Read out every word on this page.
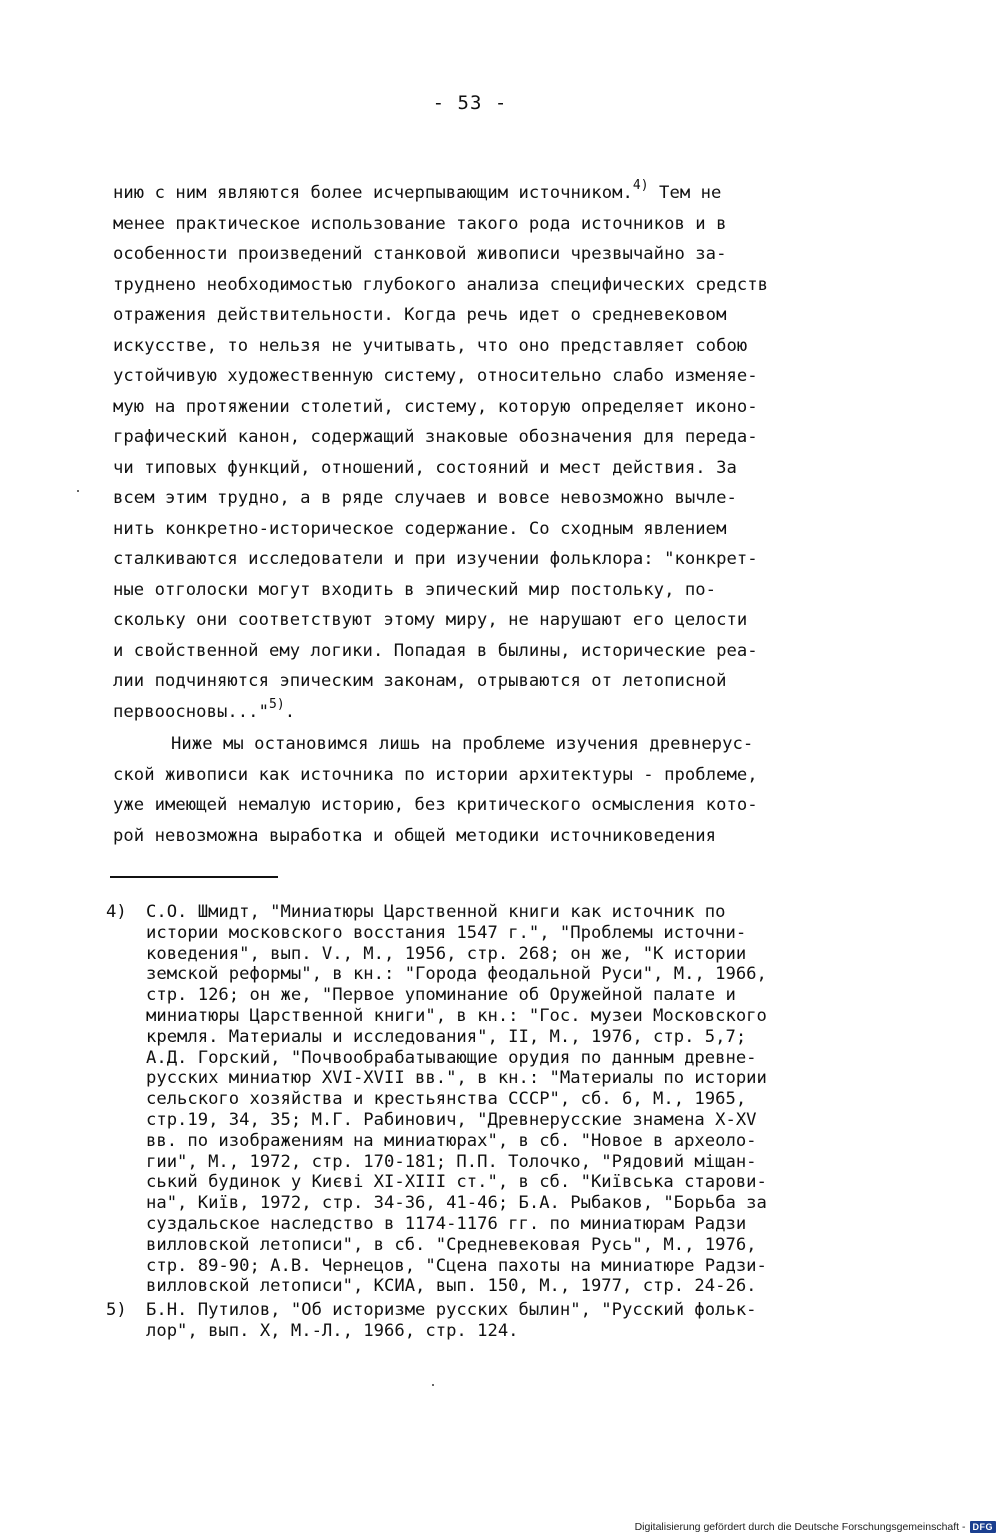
- 53 -
нию с ним являются более исчерпывающим источником.$^{4)}$ Тем не
менее практическое использование такого рода источников и в
особенности произведений станковой живописи чрезвычайно за-
труднено необходимостью глубокого анализа специфических средств
отражения действительности. Когда речь идет о средневековом
искусстве, то нельзя не учитывать, что оно представляет собою
устойчивую художественную систему, относительно слабо изменяе-
мую на протяжении столетий, систему, которую определяет иконо-
графический канон, содержащий знаковые обозначения для переда-
чи типовых функций, отношений, состояний и мест действия. За
всем этим трудно, а в ряде случаев и вовсе невозможно вычле-
нить конкретно-историческое содержание. Со сходным явлением
сталкиваются исследователи и при изучении фольклора: "конкрет-
ные отголоски могут входить в эпический мир постольку, по-
скольку они соответствуют этому миру, не нарушают его целости
и свойственной ему логики. Попадая в былины, исторические реа-
лии подчиняются эпическим законам, отрываются от летописной
первоосновы..."$^{5)}$.
Ниже мы остановимся лишь на проблеме изучения древнерус-
ской живописи как источника по истории архитектуры - проблеме,
уже имеющей немалую историю, без критического осмысления кото-
рой невозможна выработка и общей методики источниковедения
4)	С.О. Шмидт, "Миниатюры Царственной книги как источник по
истории московского восстания 1547 г.", "Проблемы источни-
коведения", вып. V., М., 1956, стр. 268; он же, "К истории
земской реформы", в кн.: "Города феодальной Руси", М., 1966,
стр. 126; он же, "Первое упоминание об Оружейной палате и
миниатюры Царственной книги", в кн.: "Гос. музеи Московского
кремля. Материалы и исследования", II, М., 1976, стр. 5,7;
А.Д. Горский, "Почвообрабатывающие орудия по данным древне-
русских миниатюр XVI-XVII вв.", в кн.: "Материалы по истории
сельского хозяйства и крестьянства СССР", сб. 6, М., 1965,
стр.19, 34, 35; М.Г. Рабинович, "Древнерусские знамена X-XV
вв. по изображениям на миниатюрах", в сб. "Новое в археоло-
гии", М., 1972, стр. 170-181; П.П. Толочко, "Рядовий міщан-
ський будинок у Києві XI-XIII ст.", в сб. "Київська старови-
на", Київ, 1972, стр. 34-36, 41-46; Б.А. Рыбаков, "Борьба за
суздальское наследство в 1174-1176 гг. по миниатюрам Радзи
вилловской летописи", в сб. "Средневековая Русь", М., 1976,
стр. 89-90; А.В. Чернецов, "Сцена пахоты на миниатюре Радзи-
вилловской летописи", КСИА, вып. 150, М., 1977, стр. 24-26.
5)	Б.Н. Путилов, "Об историзме русских былин", "Русский фольк-
лор", вып. X, М.-Л., 1966, стр. 124.
Digitalisierung gefördert durch die Deutsche Forschungsgemeinschaft - DFG
